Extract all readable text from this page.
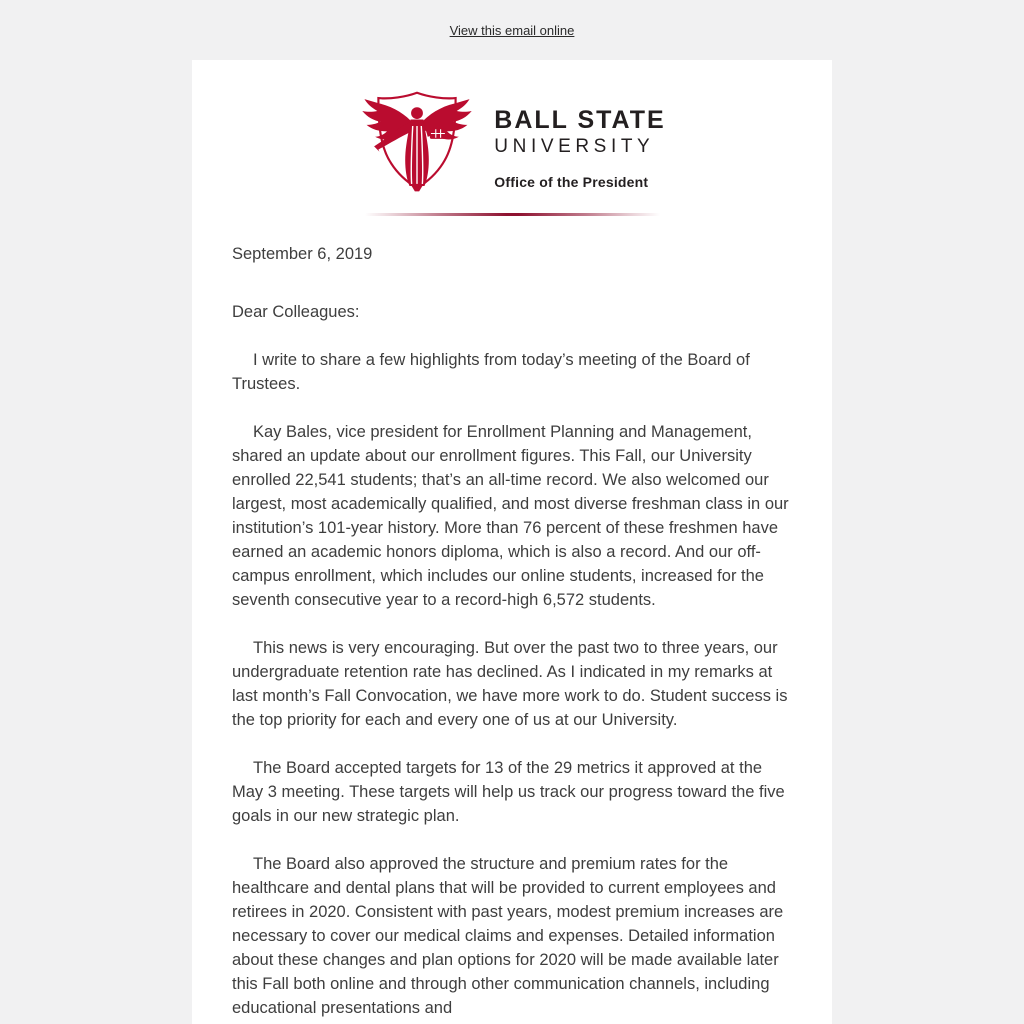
View this email online
BALL STATE
UNIVERSITY
Office of the President

September 6, 2019

Dear Colleagues:

I write to share a few highlights from today’s meeting of the Board of Trustees.

Kay Bales, vice president for Enrollment Planning and Management, shared an update about our enrollment figures. This Fall, our University enrolled 22,541 students; that’s an all-time record. We also welcomed our largest, most academically qualified, and most diverse freshman class in our institution’s 101-year history. More than 76 percent of these freshmen have earned an academic honors diploma, which is also a record. And our off-campus enrollment, which includes our online students, increased for the seventh consecutive year to a record-high 6,572 students.

This news is very encouraging. But over the past two to three years, our undergraduate retention rate has declined. As I indicated in my remarks at last month’s Fall Convocation, we have more work to do. Student success is the top priority for each and every one of us at our University.

The Board accepted targets for 13 of the 29 metrics it approved at the May 3 meeting. These targets will help us track our progress toward the five goals in our new strategic plan.

The Board also approved the structure and premium rates for the healthcare and dental plans that will be provided to current employees and retirees in 2020. Consistent with past years, modest premium increases are necessary to cover our medical claims and expenses. Detailed information about these changes and plan options for 2020 will be made available later this Fall both online and through other communication channels, including educational presentations and
